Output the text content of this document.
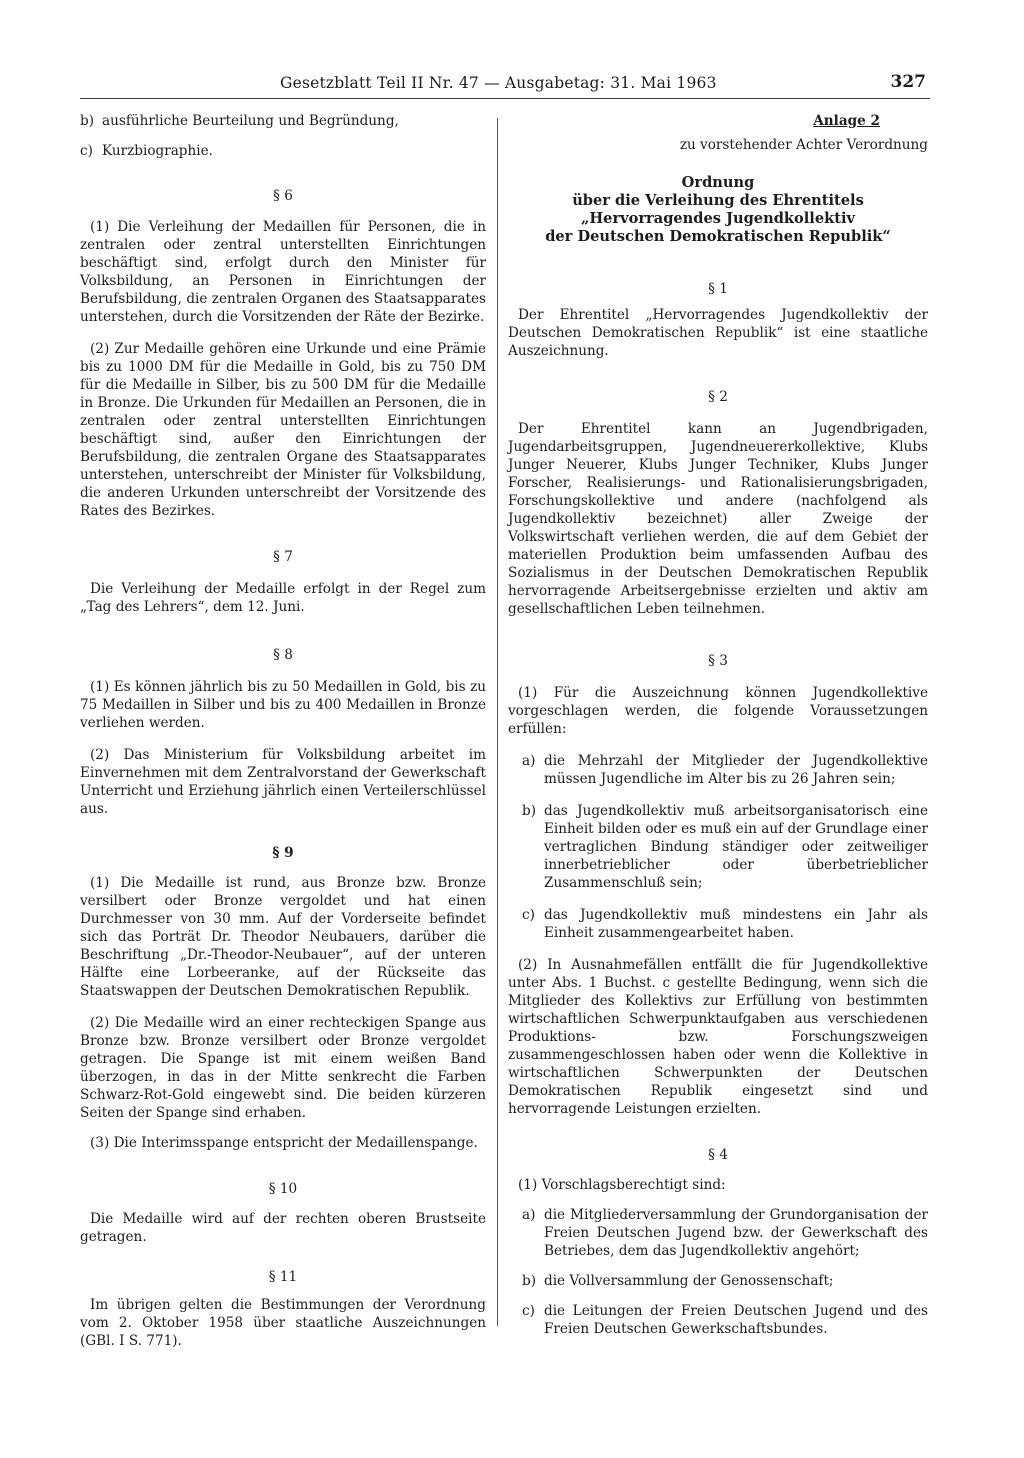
Gesetzblatt Teil II Nr. 47 — Ausgabetag: 31. Mai 1963	327
b) ausführliche Beurteilung und Begründung,
c) Kurzbiographie.

§ 6

(1) Die Verleihung der Medaillen für Personen, die in zentralen oder zentral unterstellten Einrichtungen beschäftigt sind, erfolgt durch den Minister für Volksbildung, an Personen in Einrichtungen der Berufsbildung, die zentralen Organen des Staatsapparates unterstehen, durch die Vorsitzenden der Räte der Bezirke.

(2) Zur Medaille gehören eine Urkunde und eine Prämie bis zu 1000 DM für die Medaille in Gold, bis zu 750 DM für die Medaille in Silber, bis zu 500 DM für die Medaille in Bronze. Die Urkunden für Medaillen an Personen, die in zentralen oder zentral unterstellten Einrichtungen beschäftigt sind, außer den Einrichtungen der Berufsbildung, die zentralen Organe des Staatsapparates unterstehen, unterschreibt der Minister für Volksbildung, die anderen Urkunden unterschreibt der Vorsitzende des Rates des Bezirkes.

§ 7

Die Verleihung der Medaille erfolgt in der Regel zum „Tag des Lehrers“, dem 12. Juni.

§ 8

(1) Es können jährlich bis zu 50 Medaillen in Gold, bis zu 75 Medaillen in Silber und bis zu 400 Medaillen in Bronze verliehen werden.

(2) Das Ministerium für Volksbildung arbeitet im Einvernehmen mit dem Zentralvorstand der Gewerkschaft Unterricht und Erziehung jährlich einen Verteilerschlüssel aus.

§ 9

(1) Die Medaille ist rund, aus Bronze bzw. Bronze versilbert oder Bronze vergoldet und hat einen Durchmesser von 30 mm. Auf der Vorderseite befindet sich das Porträt Dr. Theodor Neubauers, darüber die Beschriftung „Dr.-Theodor-Neubauer“, auf der unteren Hälfte eine Lorbeeranke, auf der Rückseite das Staatswappen der Deutschen Demokratischen Republik.

(2) Die Medaille wird an einer rechteckigen Spange aus Bronze bzw. Bronze versilbert oder Bronze vergoldet getragen. Die Spange ist mit einem weißen Band überzogen, in das in der Mitte senkrecht die Farben Schwarz-Rot-Gold eingewebt sind. Die beiden kürzeren Seiten der Spange sind erhaben.

(3) Die Interimsspange entspricht der Medaillenspange.

§ 10

Die Medaille wird auf der rechten oberen Brustseite getragen.

§ 11

Im übrigen gelten die Bestimmungen der Verordnung vom 2. Oktober 1958 über staatliche Auszeichnungen (GBl. I S. 771).

Anlage 2

zu vorstehender Achter Verordnung

Ordnung

über die Verleihung des Ehrentitels

„Hervorragendes Jugendkollektiv

der Deutschen Demokratischen Republik“

§ 1

Der Ehrentitel „Hervorragendes Jugendkollektiv der Deutschen Demokratischen Republik“ ist eine staatliche Auszeichnung.

§ 2

Der Ehrentitel kann an Jugendbrigaden, Jugendarbeitsgruppen, Jugendneuererkollektive, Klubs Junger Neuerer, Klubs Junger Techniker, Klubs Junger Forscher, Realisierungs- und Rationalisierungsbrigaden, Forschungskollektive und andere (nachfolgend als Jugendkollektiv bezeichnet) aller Zweige der Volkswirtschaft verliehen werden, die auf dem Gebiet der materiellen Produktion beim umfassenden Aufbau des Sozialismus in der Deutschen Demokratischen Republik hervorragende Arbeitsergebnisse erzielten und aktiv am gesellschaftlichen Leben teilnehmen.

§ 3

(1) Für die Auszeichnung können Jugendkollektive vorgeschlagen werden, die folgende Voraussetzungen erfüllen:

a) die Mehrzahl der Mitglieder der Jugendkollektive müssen Jugendliche im Alter bis zu 26 Jahren sein;
b) das Jugendkollektiv muß arbeitsorganisatorisch eine Einheit bilden oder es muß ein auf der Grundlage einer vertraglichen Bindung ständiger oder zeitweiliger innerbetrieblicher oder überbetrieblicher Zusammenschluß sein;
c) das Jugendkollektiv muß mindestens ein Jahr als Einheit zusammengearbeitet haben.

(2) In Ausnahmefällen entfällt die für Jugendkollektive unter Abs. 1 Buchst. c gestellte Bedingung, wenn sich die Mitglieder des Kollektivs zur Erfüllung von bestimmten wirtschaftlichen Schwerpunktaufgaben aus verschiedenen Produktions- bzw. Forschungszweigen zusammengeschlossen haben oder wenn die Kollektive in wirtschaftlichen Schwerpunkten der Deutschen Demokratischen Republik eingesetzt sind und hervorragende Leistungen erzielten.

§ 4

(1) Vorschlagsberechtigt sind:

a) die Mitgliederversammlung der Grundorganisation der Freien Deutschen Jugend bzw. der Gewerkschaft des Betriebes, dem das Jugendkollektiv angehört;
b) die Vollversammlung der Genossenschaft;
c) die Leitungen der Freien Deutschen Jugend und des Freien Deutschen Gewerkschaftsbundes.
